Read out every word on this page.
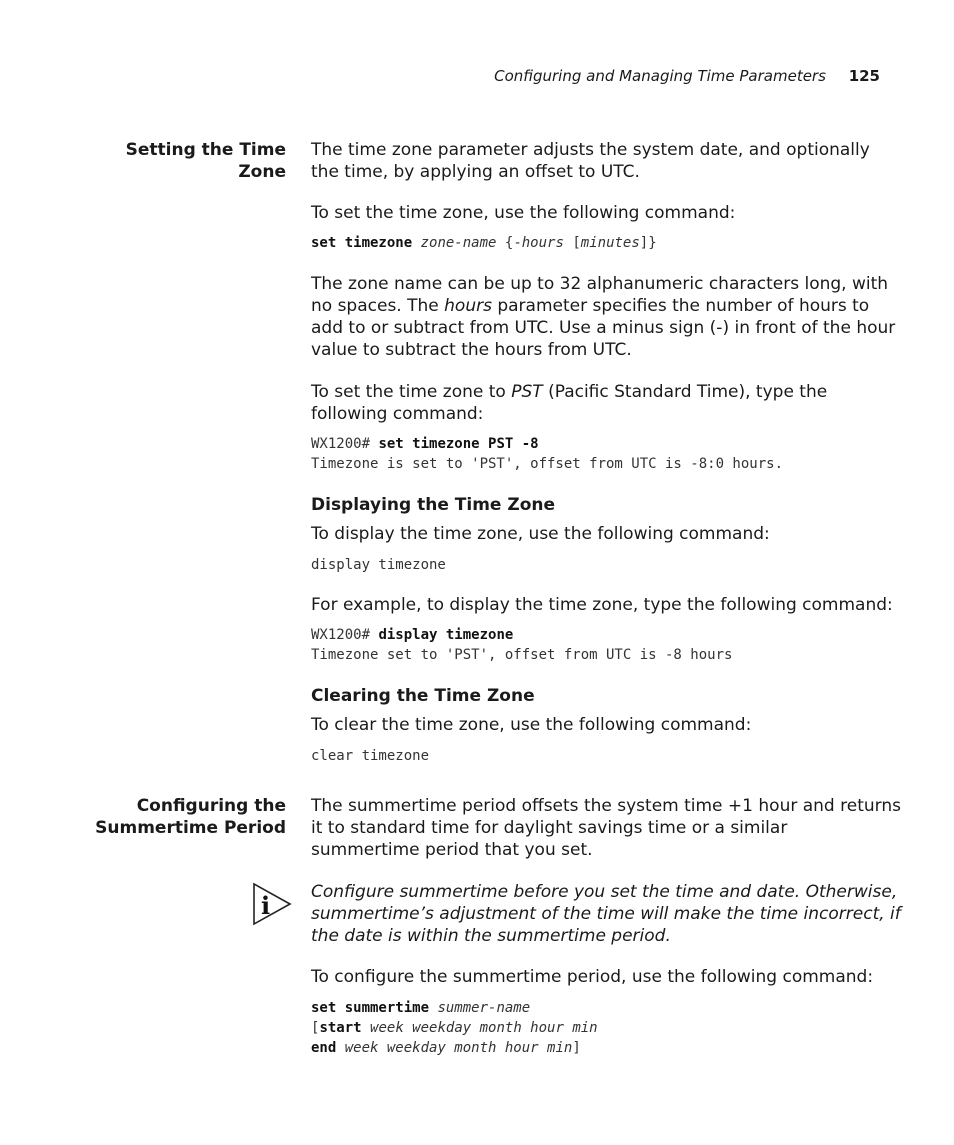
Configuring and Managing Time Parameters 125
Setting the Time
Zone

The time zone parameter adjusts the system date, and optionally the time, by applying an offset to UTC.

To set the time zone, use the following command:

set timezone zone-name {-hours [minutes]}

The zone name can be up to 32 alphanumeric characters long, with no spaces. The hours parameter specifies the number of hours to add to or subtract from UTC. Use a minus sign (-) in front of the hour value to subtract the hours from UTC.

To set the time zone to PST (Pacific Standard Time), type the following command:

WX1200# set timezone PST -8
Timezone is set to 'PST', offset from UTC is -8:0 hours.
Displaying the Time Zone

To display the time zone, use the following command:

display timezone

For example, to display the time zone, type the following command:

WX1200# display timezone
Timezone set to 'PST', offset from UTC is -8 hours
Clearing the Time Zone

To clear the time zone, use the following command:

clear timezone
Configuring the
Summertime Period

The summertime period offsets the system time +1 hour and returns it to standard time for daylight savings time or a similar summertime period that you set.

i Configure summertime before you set the time and date. Otherwise, summertime’s adjustment of the time will make the time incorrect, if the date is within the summertime period.

To configure the summertime period, use the following command:

set summertime summer-name
[start week weekday month hour min
end week weekday month hour min]
